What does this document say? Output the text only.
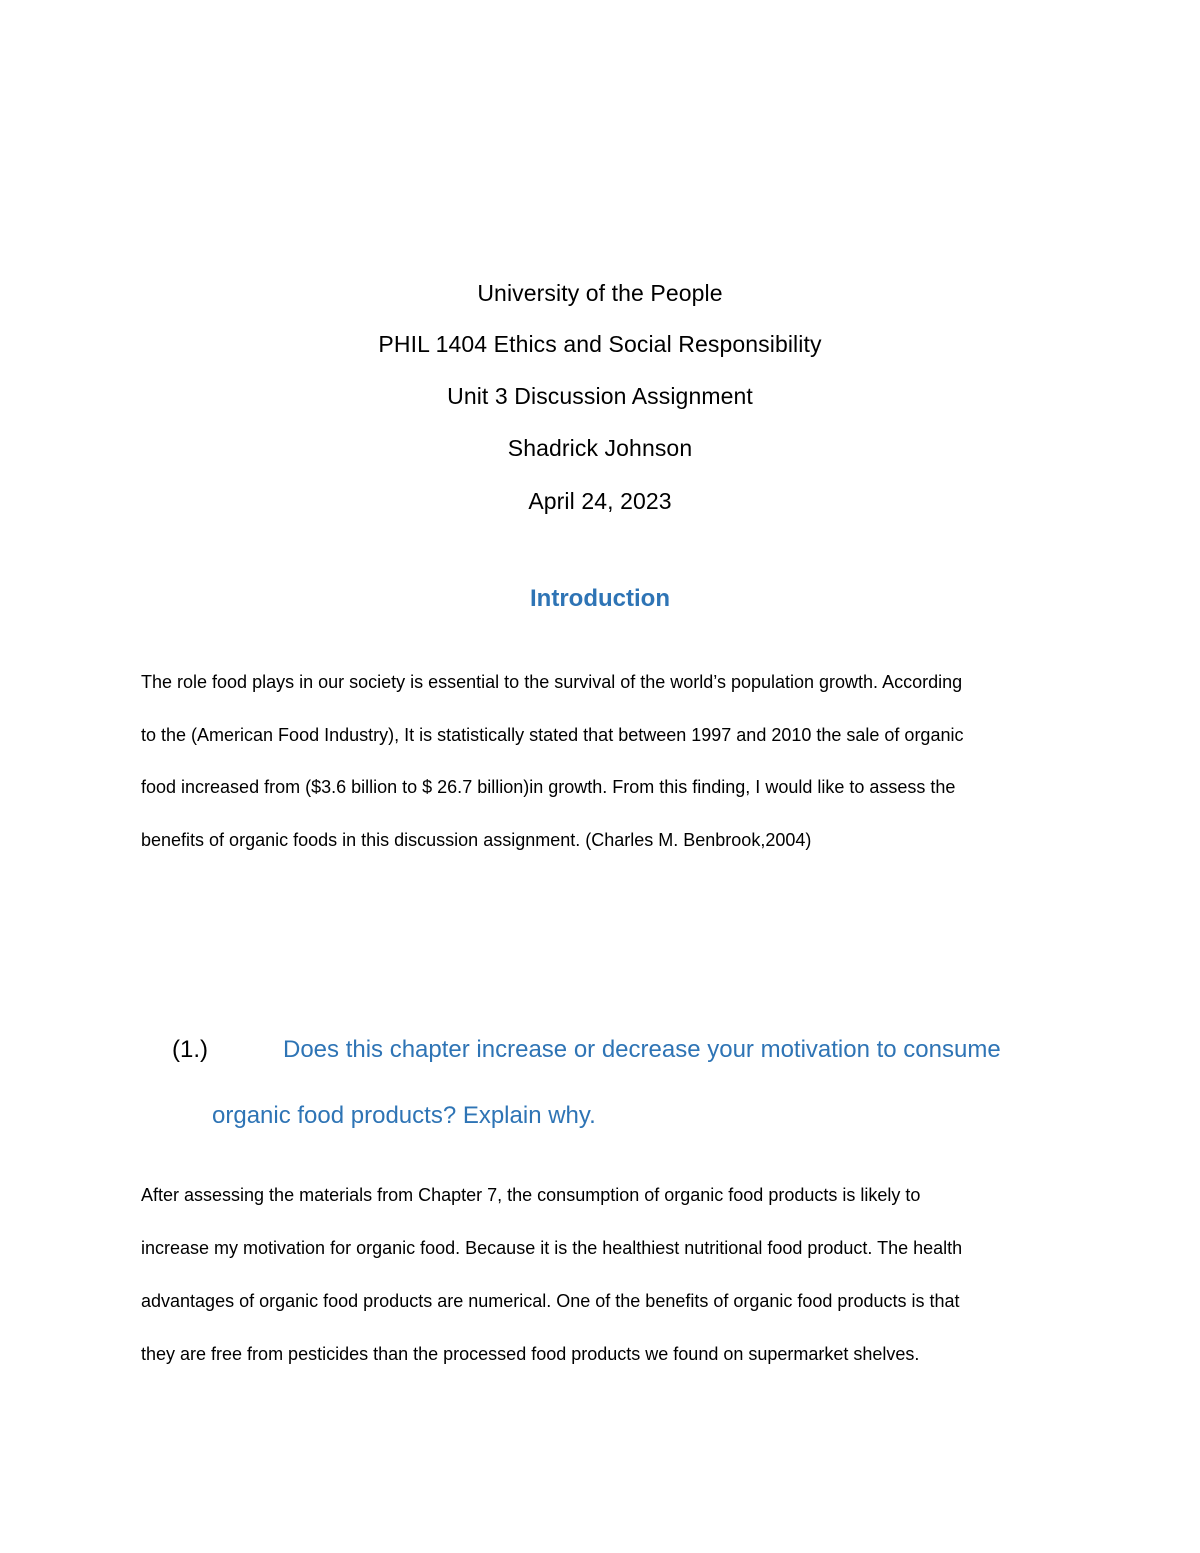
University of the People
PHIL 1404 Ethics and Social Responsibility
Unit 3 Discussion Assignment
Shadrick Johnson
April 24, 2023
Introduction
The role food plays in our society is essential to the survival of the world’s population growth. According
to the (American Food Industry), It is statistically stated that between 1997 and 2010 the sale of organic
food increased from ($3.6 billion to $ 26.7 billion)in growth. From this finding, I would like to assess the
benefits of organic foods in this discussion assignment. (Charles M. Benbrook,2004)
(1.)	Does this chapter increase or decrease your motivation to consume
organic food products? Explain why.
After assessing the materials from Chapter 7, the consumption of organic food products is likely to
increase my motivation for organic food. Because it is the healthiest nutritional food product. The health
advantages of organic food products are numerical. One of the benefits of organic food products is that
they are free from pesticides than the processed food products we found on supermarket shelves.
